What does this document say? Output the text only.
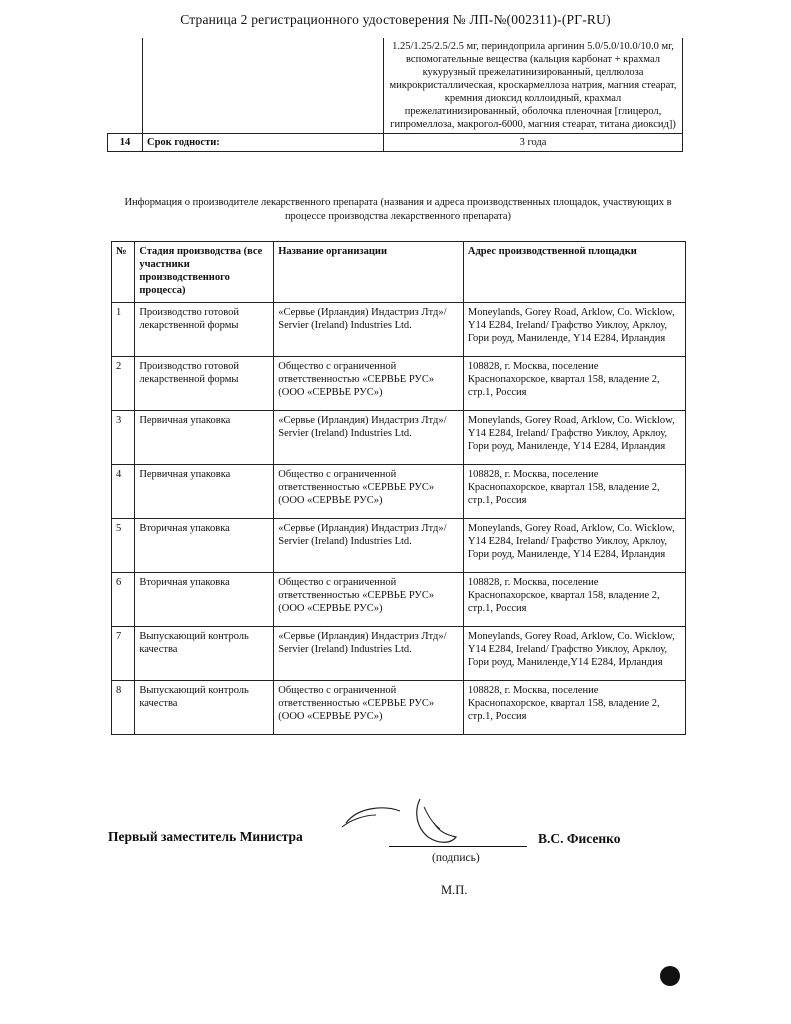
Страница 2 регистрационного удостоверения № ЛП-№(002311)-(РГ-RU)
		1.25/1.25/2.5/2.5 мг, периндоприла аргинин 5.0/5.0/10.0/10.0 мг, вспомогательные вещества (кальция карбонат + крахмал кукурузный прежелатинизированный, целлюлоза микрокристаллическая, кроскармеллоза натрия, магния стеарат, кремния диоксид коллоидный, крахмал прежелатинизированный, оболочка пленочная [глицерол, гипромеллоза, макрогол-6000, магния стеарат, титана диоксид])
14	Срок годности:	3 года
Информация о производителе лекарственного препарата (названия и адреса производственных площадок, участвующих в процессе производства лекарственного препарата)
№	Стадия производства (все участники производственного процесса)	Название организации	Адрес производственной площадки
1	Производство готовой лекарственной формы	«Сервье (Ирландия) Индастриз Лтд»/ Servier (Ireland) Industries Ltd.	Moneylands, Gorey Road, Arklow, Co. Wicklow, Y14 E284, Ireland/ Графство Уиклоу, Арклоу, Гори роуд, Маниленде, Y14 E284, Ирландия
2	Производство готовой лекарственной формы	Общество с ограниченной ответственностью «СЕРВЬЕ РУС» (ООО «СЕРВЬЕ РУС»)	108828, г. Москва, поселение Краснопахорское, квартал 158, владение 2, стр.1, Россия
3	Первичная упаковка	«Сервье (Ирландия) Индастриз Лтд»/ Servier (Ireland) Industries Ltd.	Moneylands, Gorey Road, Arklow, Co. Wicklow, Y14 E284, Ireland/ Графство Уиклоу, Арклоу, Гори роуд, Маниленде, Y14 E284, Ирландия
4	Первичная упаковка	Общество с ограниченной ответственностью «СЕРВЬЕ РУС» (ООО «СЕРВЬЕ РУС»)	108828, г. Москва, поселение Краснопахорское, квартал 158, владение 2, стр.1, Россия
5	Вторичная упаковка	«Сервье (Ирландия) Индастриз Лтд»/ Servier (Ireland) Industries Ltd.	Moneylands, Gorey Road, Arklow, Co. Wicklow, Y14 E284, Ireland/ Графство Уиклоу, Арклоу, Гори роуд, Маниленде, Y14 E284, Ирландия
6	Вторичная упаковка	Общество с ограниченной ответственностью «СЕРВЬЕ РУС» (ООО «СЕРВЬЕ РУС»)	108828, г. Москва, поселение Краснопахорское, квартал 158, владение 2, стр.1, Россия
7	Выпускающий контроль качества	«Сервье (Ирландия) Индастриз Лтд»/ Servier (Ireland) Industries Ltd.	Moneylands, Gorey Road, Arklow, Co. Wicklow, Y14 E284, Ireland/ Графство Уиклоу, Арклоу, Гори роуд, Маниленде,Y14 E284, Ирландия
8	Выпускающий контроль качества	Общество с ограниченной ответственностью «СЕРВЬЕ РУС» (ООО «СЕРВЬЕ РУС»)	108828, г. Москва, поселение Краснопахорское, квартал 158, владение 2, стр.1, Россия
Первый заместитель Министра	В.С. Фисенко
(подпись)
М.П.
